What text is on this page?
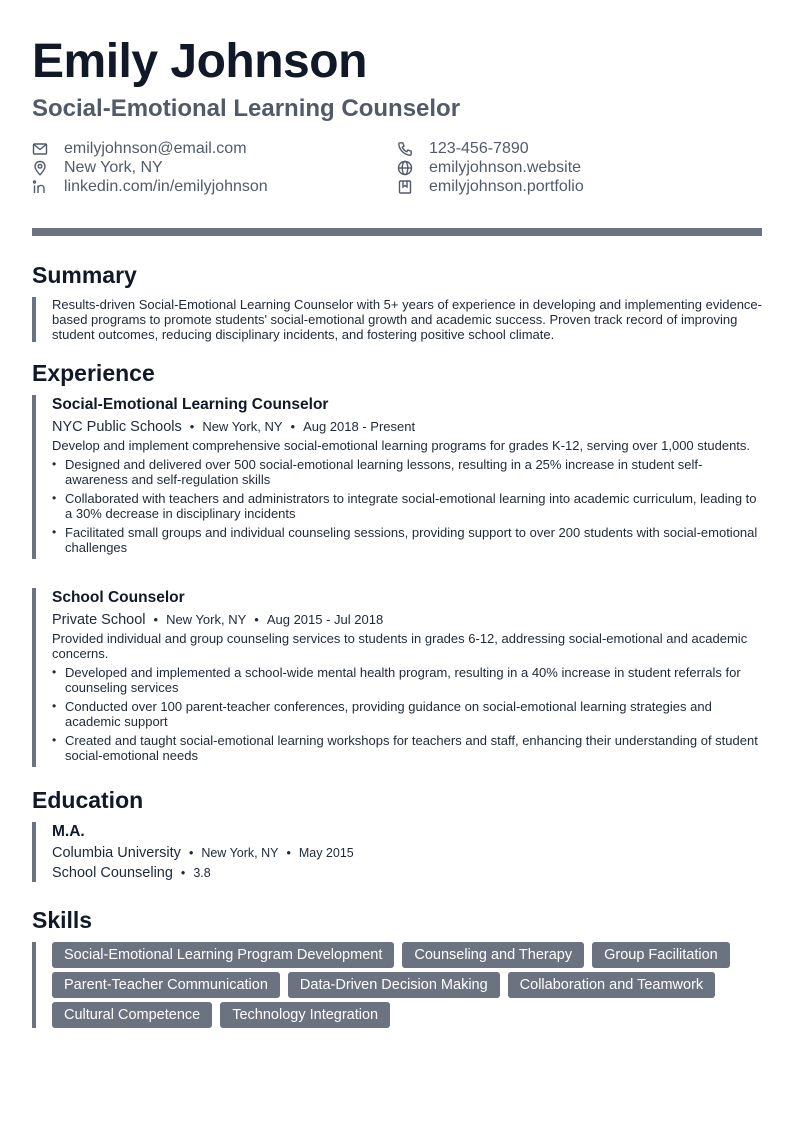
Emily Johnson
Social-Emotional Learning Counselor
emilyjohnson@email.com	123-456-7890
New York, NY	emilyjohnson.website
linkedin.com/in/emilyjohnson	emilyjohnson.portfolio
Summary

Results-driven Social-Emotional Learning Counselor with 5+ years of experience in developing and implementing evidence-based programs to promote students' social-emotional growth and academic success. Proven track record of improving student outcomes, reducing disciplinary incidents, and fostering positive school climate.

Experience
Social-Emotional Learning Counselor
NYC Public Schools • New York, NY • Aug 2018 - Present

Develop and implement comprehensive social-emotional learning programs for grades K-12, serving over 1,000 students.

• Designed and delivered over 500 social-emotional learning lessons, resulting in a 25% increase in student self-awareness and self-regulation skills
• Collaborated with teachers and administrators to integrate social-emotional learning into academic curriculum, leading to a 30% decrease in disciplinary incidents
• Facilitated small groups and individual counseling sessions, providing support to over 200 students with social-emotional challenges
School Counselor
Private School • New York, NY • Aug 2015 - Jul 2018

Provided individual and group counseling services to students in grades 6-12, addressing social-emotional and academic concerns.

• Developed and implemented a school-wide mental health program, resulting in a 40% increase in student referrals for counseling services
• Conducted over 100 parent-teacher conferences, providing guidance on social-emotional learning strategies and academic support
• Created and taught social-emotional learning workshops for teachers and staff, enhancing their understanding of student social-emotional needs
Education
M.A.
Columbia University • New York, NY • May 2015
School Counseling • 3.8
Skills
Social-Emotional Learning Program Development	Counseling and Therapy	Group Facilitation
Parent-Teacher Communication	Data-Driven Decision Making	Collaboration and Teamwork
Cultural Competence	Technology Integration
